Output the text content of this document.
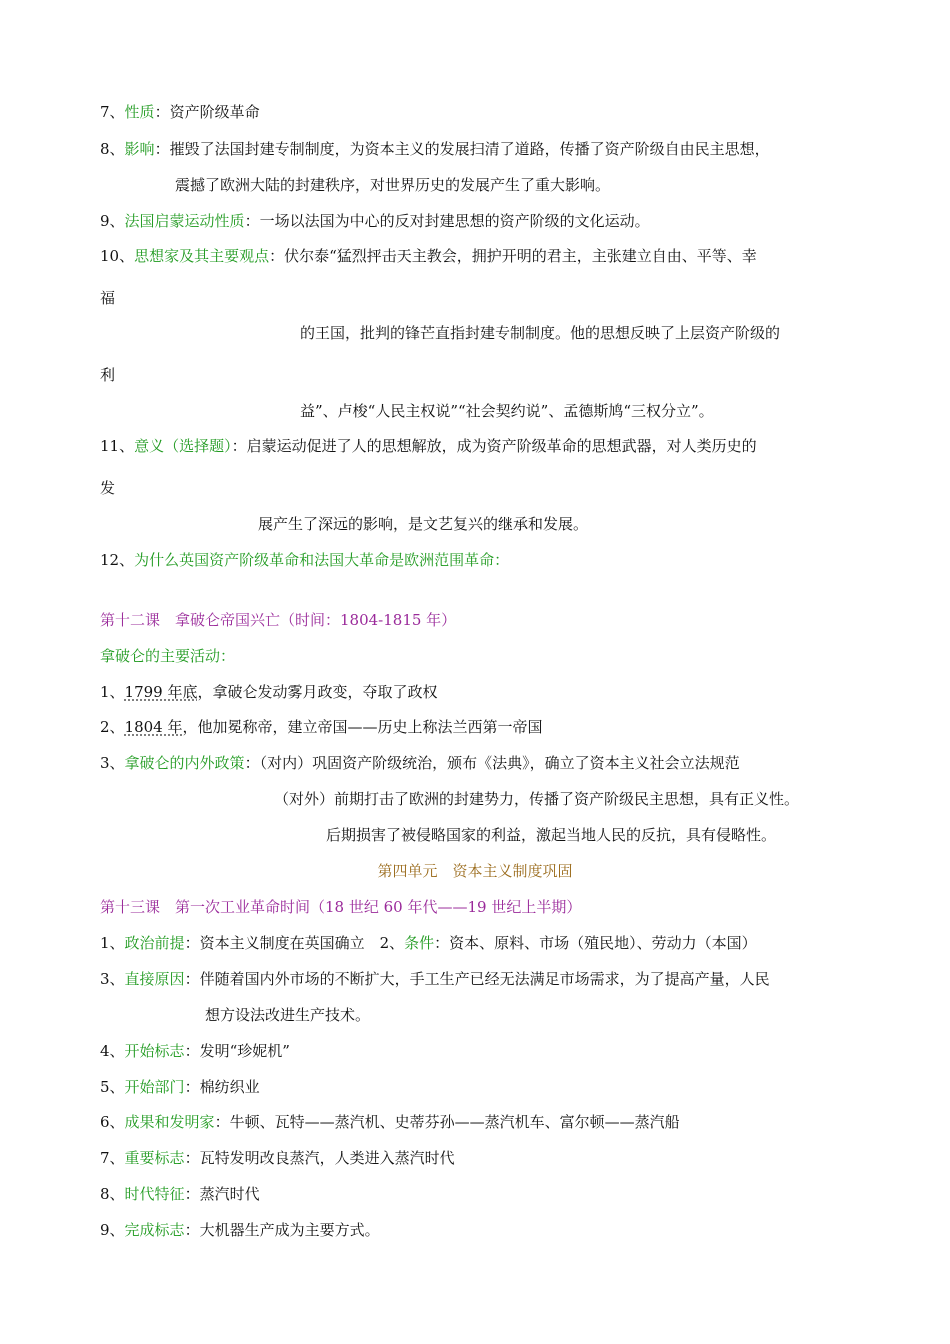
7、性质：资产阶级革命
8、影响：摧毁了法国封建专制制度，为资本主义的发展扫清了道路，传播了资产阶级自由民主思想，
震撼了欧洲大陆的封建秩序，对世界历史的发展产生了重大影响。
9、法国启蒙运动性质：一场以法国为中心的反对封建思想的资产阶级的文化运动。
10、思想家及其主要观点：伏尔泰“猛烈抨击天主教会，拥护开明的君主，主张建立自由、平等、幸
福
的王国，批判的锋芒直指封建专制制度。他的思想反映了上层资产阶级的
利
益”、卢梭“人民主权说”“社会契约说”、孟德斯鸠“三权分立”。
11、意义（选择题）：启蒙运动促进了人的思想解放，成为资产阶级革命的思想武器，对人类历史的
发
展产生了深远的影响，是文艺复兴的继承和发展。
12、为什么英国资产阶级革命和法国大革命是欧洲范围革命：
第十二课　拿破仑帝国兴亡（时间：1804-1815 年）
拿破仑的主要活动：
1、1799 年底，拿破仑发动雾月政变，夺取了政权
2、1804 年，他加冕称帝，建立帝国——历史上称法兰西第一帝国
3、拿破仑的内外政策：（对内）巩固资产阶级统治，颁布《法典》，确立了资本主义社会立法规范
（对外）前期打击了欧洲的封建势力，传播了资产阶级民主思想，具有正义性。
后期损害了被侵略国家的利益，激起当地人民的反抗，具有侵略性。
第四单元　资本主义制度巩固
第十三课　第一次工业革命时间（18 世纪 60 年代——19 世纪上半期）
1、政治前提：资本主义制度在英国确立　2、条件：资本、原料、市场（殖民地）、劳动力（本国）
3、直接原因：伴随着国内外市场的不断扩大，手工生产已经无法满足市场需求，为了提高产量，人民
想方设法改进生产技术。
4、开始标志：发明“珍妮机”
5、开始部门：棉纺织业
6、成果和发明家：牛顿、瓦特——蒸汽机、史蒂芬孙——蒸汽机车、富尔顿——蒸汽船
7、重要标志：瓦特发明改良蒸汽，人类进入蒸汽时代
8、时代特征：蒸汽时代
9、完成标志：大机器生产成为主要方式。
